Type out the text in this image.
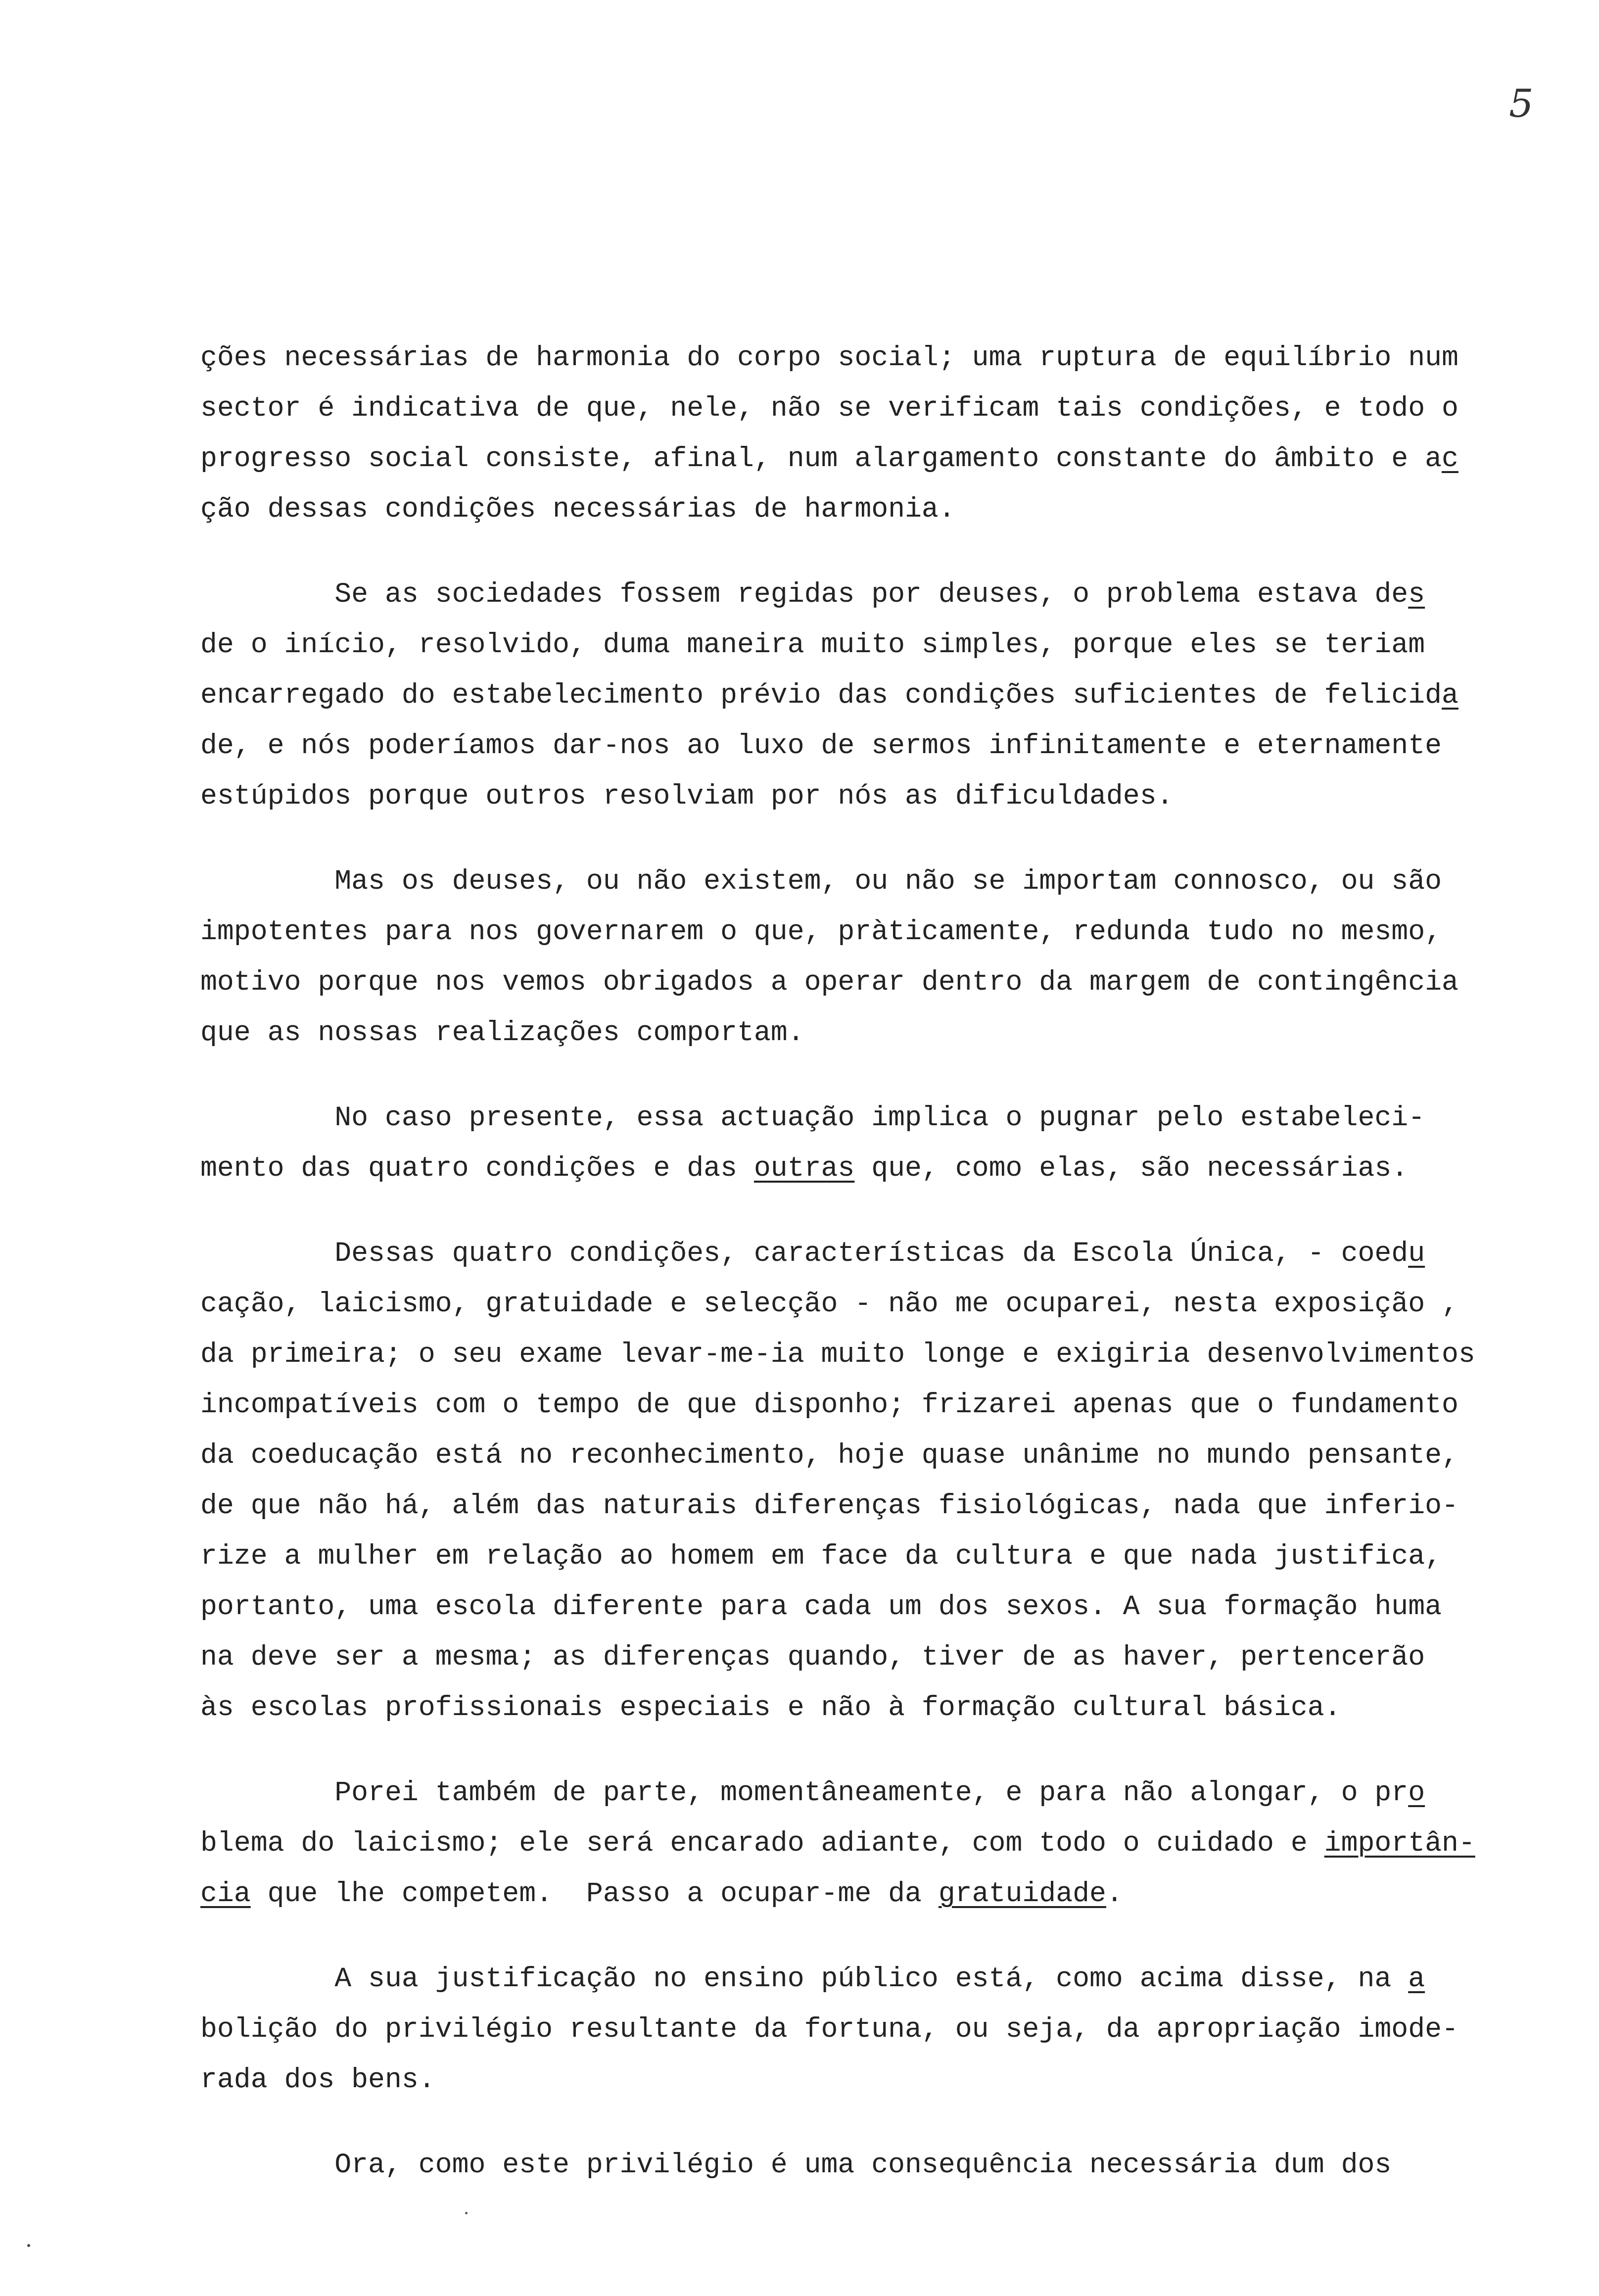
5
ções necessárias de harmonia do corpo social; uma ruptura de equilíbrio num
sector é indicativa de que, nele, não se verificam tais condições, e todo o
progresso social consiste, afinal, num alargamento constante do âmbito e ac
ção dessas condições necessárias de harmonia.
Se as sociedades fossem regidas por deuses, o problema estava des
de o início, resolvido, duma maneira muito simples, porque eles se teriam
encarregado do estabelecimento prévio das condições suficientes de felicida
de, e nós poderíamos dar-nos ao luxo de sermos infinitamente e eternamente
estúpidos porque outros resolviam por nós as dificuldades.
Mas os deuses, ou não existem, ou não se importam connosco, ou são
impotentes para nos governarem o que, pràticamente, redunda tudo no mesmo,
motivo porque nos vemos obrigados a operar dentro da margem de contingência
que as nossas realizações comportam.
No caso presente, essa actuação implica o pugnar pelo estabeleci-
mento das quatro condições e das outras que, como elas, são necessárias.
Dessas quatro condições, características da Escola Única, - coedu
cação, laicismo, gratuidade e selecção - não me ocuparei, nesta exposição ,
da primeira; o seu exame levar-me-ia muito longe e exigiria desenvolvimentos
incompatíveis com o tempo de que disponho; frizarei apenas que o fundamento
da coeducação está no reconhecimento, hoje quase unânime no mundo pensante,
de que não há, além das naturais diferenças fisiológicas, nada que inferio-
rize a mulher em relação ao homem em face da cultura e que nada justifica,
portanto, uma escola diferente para cada um dos sexos. A sua formação huma
na deve ser a mesma; as diferenças quando, tiver de as haver, pertencerão
às escolas profissionais especiais e não à formação cultural básica.
Porei também de parte, momentâneamente, e para não alongar, o pro
blema do laicismo; ele será encarado adiante, com todo o cuidado e importân-
cia que lhe competem.  Passo a ocupar-me da gratuidade.
A sua justificação no ensino público está, como acima disse, na a
bolição do privilégio resultante da fortuna, ou seja, da apropriação imode-
rada dos bens.
Ora, como este privilégio é uma consequência necessária dum dos
